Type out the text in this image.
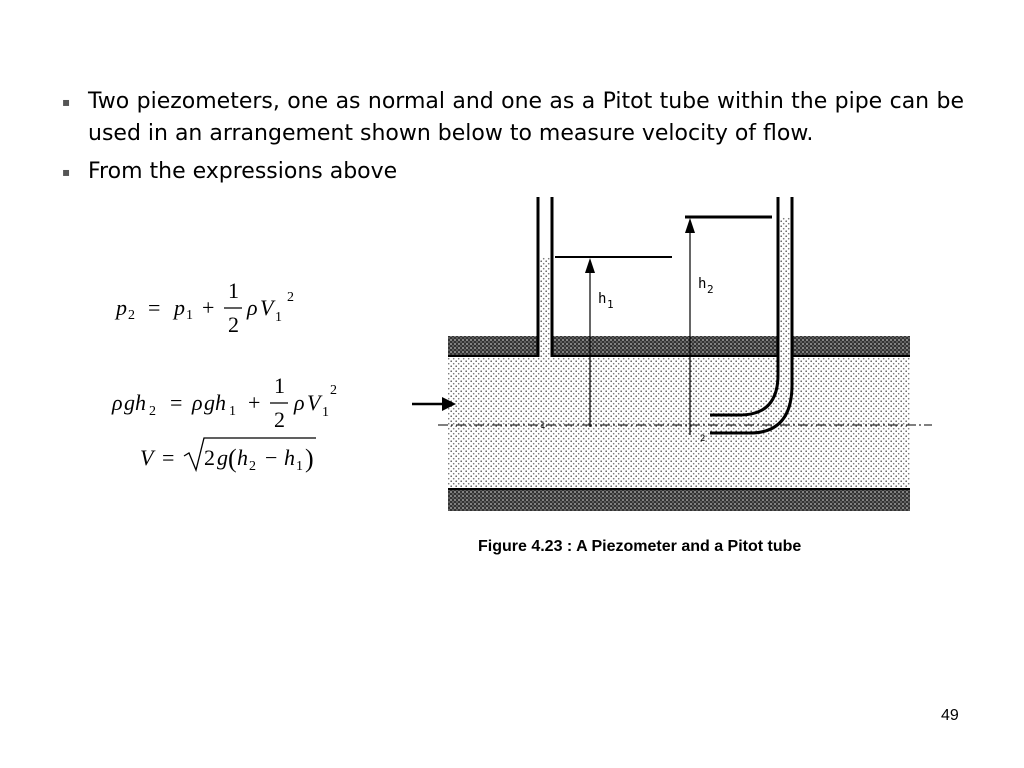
▪ Two piezometers, one as normal and one as a Pitot tube within the pipe can be used in an arrangement shown below to measure velocity of flow.
▪ From the expressions above
p 2 = p 1 +
1
2
ρ V 1
2
ρ gh 2 = ρ gh 1 +
1
2
ρ V 1
2
V = 2 g ( h 2 − h 1 )
h 1
h 2
1
2
Figure 4.23 : A Piezometer and a Pitot tube
49
